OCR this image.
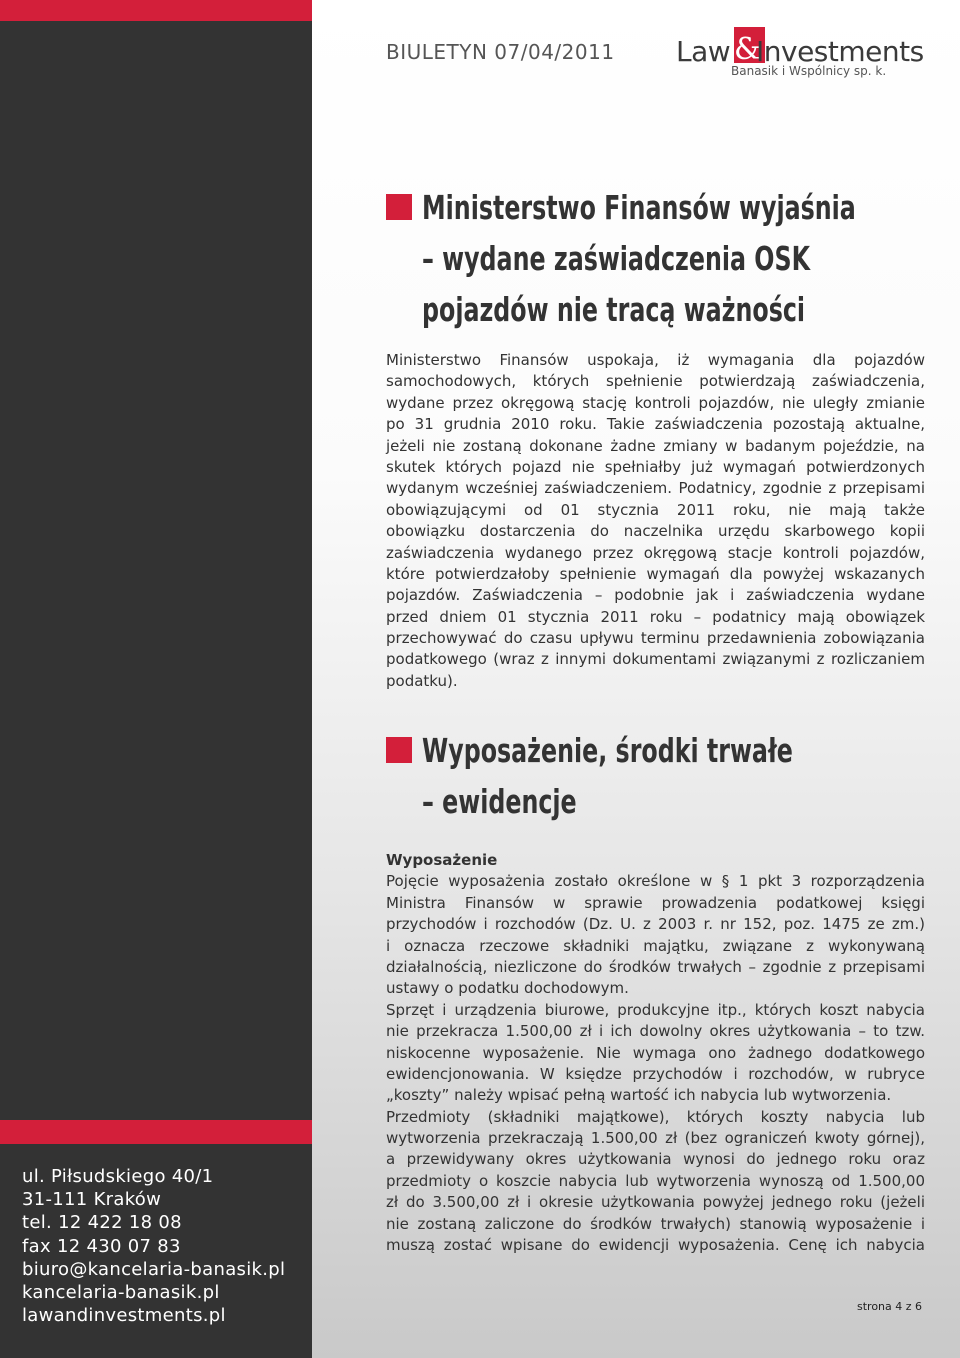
ul. Piłsudskiego 40/1
31-111 Kraków
tel. 12 422 18 08
fax 12 430 07 83
biuro@kancelaria-banasik.pl
kancelaria-banasik.pl
lawandinvestments.pl
BIULETYN 07/04/2011 Law &
Investments
Banasik i Wspólnicy sp. k.
Ministerstwo Finansów wyjaśnia
– wydane zaświadczenia OSK
pojazdów nie tracą ważności
Ministerstwo Finansów uspokaja, iż wymagania dla pojazdów
samochodowych, których spełnienie potwierdzają zaświadczenia,
wydane przez okręgową stację kontroli pojazdów, nie uległy zmianie
po 31 grudnia 2010 roku. Takie zaświadczenia pozostają aktualne,
jeżeli nie zostaną dokonane żadne zmiany w badanym pojeździe, na
skutek których pojazd nie spełniałby już wymagań potwierdzonych
wydanym wcześniej zaświadczeniem. Podatnicy, zgodnie z przepisami
obowiązującymi od 01 stycznia 2011 roku, nie mają także
obowiązku dostarczenia do naczelnika urzędu skarbowego kopii
zaświadczenia wydanego przez okręgową stacje kontroli pojazdów,
które potwierdzałoby spełnienie wymagań dla powyżej wskazanych
pojazdów. Zaświadczenia – podobnie jak i zaświadczenia wydane
przed dniem 01 stycznia 2011 roku – podatnicy mają obowiązek
przechowywać do czasu upływu terminu przedawnienia zobowiązania
podatkowego (wraz z innymi dokumentami związanymi z rozliczaniem
podatku).
Wyposażenie, środki trwałe
– ewidencje
Wyposażenie
Pojęcie wyposażenia zostało określone w § 1 pkt 3 rozporządzenia
Ministra Finansów w sprawie prowadzenia podatkowej księgi
przychodów i rozchodów (Dz. U. z 2003 r. nr 152, poz. 1475 ze zm.)
i oznacza rzeczowe składniki majątku, związane z wykonywaną
działalnością, niezliczone do środków trwałych – zgodnie z przepisami
ustawy o podatku dochodowym.
Sprzęt i urządzenia biurowe, produkcyjne itp., których koszt nabycia
nie przekracza 1.500,00 zł i ich dowolny okres użytkowania – to tzw.
niskocenne wyposażenie. Nie wymaga ono żadnego dodatkowego
ewidencjonowania. W księdze przychodów i rozchodów, w rubryce
„koszty” należy wpisać pełną wartość ich nabycia lub wytworzenia.
Przedmioty (składniki majątkowe), których koszty nabycia lub
wytworzenia przekraczają 1.500,00 zł (bez ograniczeń kwoty górnej),
a przewidywany okres użytkowania wynosi do jednego roku oraz
przedmioty o koszcie nabycia lub wytworzenia wynoszą od 1.500,00
zł do 3.500,00 zł i okresie użytkowania powyżej jednego roku (jeżeli
nie zostaną zaliczone do środków trwałych) stanowią wyposażenie i
muszą zostać wpisane do ewidencji wyposażenia. Cenę ich nabycia
strona 4 z 6
